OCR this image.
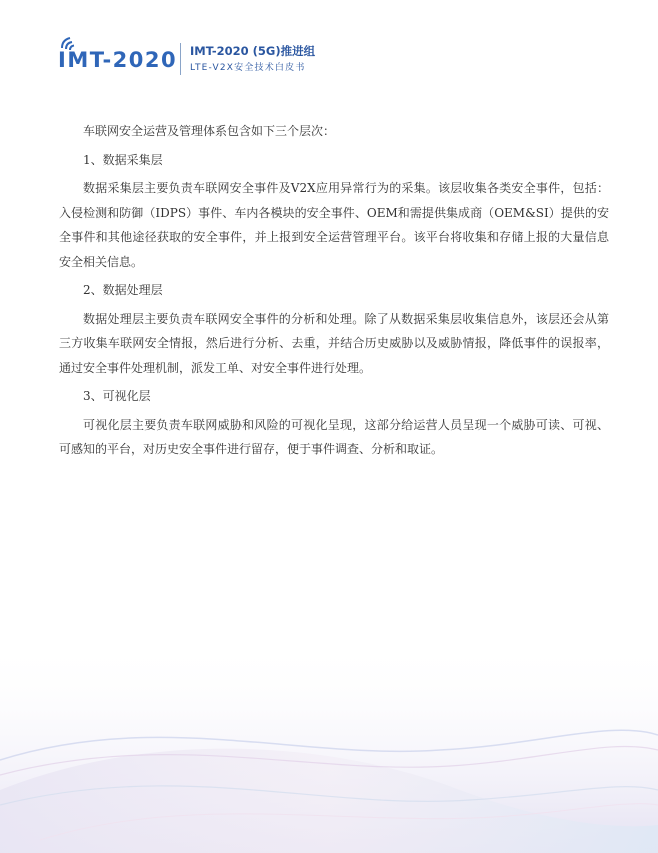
IMT-2020 IMT-2020 (5G)推进组
LTE-V2X安全技术白皮书

车联网安全运营及管理体系包含如下三个层次：

1、数据采集层

数据采集层主要负责车联网安全事件及V2X应用异常行为的采集。该层收集各类安全事件，包括：入侵检测和防御（IDPS）事件、车内各模块的安全事件、OEM和需提供集成商（OEM&SI）提供的安全事件和其他途径获取的安全事件，并上报到安全运营管理平台。该平台将收集和存储上报的大量信息安全相关信息。

2、数据处理层

数据处理层主要负责车联网安全事件的分析和处理。除了从数据采集层收集信息外，该层还会从第三方收集车联网安全情报，然后进行分析、去重，并结合历史威胁以及威胁情报，降低事件的误报率，通过安全事件处理机制，派发工单、对安全事件进行处理。

3、可视化层

可视化层主要负责车联网威胁和风险的可视化呈现，这部分给运营人员呈现一个威胁可读、可视、可感知的平台，对历史安全事件进行留存，便于事件调查、分析和取证。
